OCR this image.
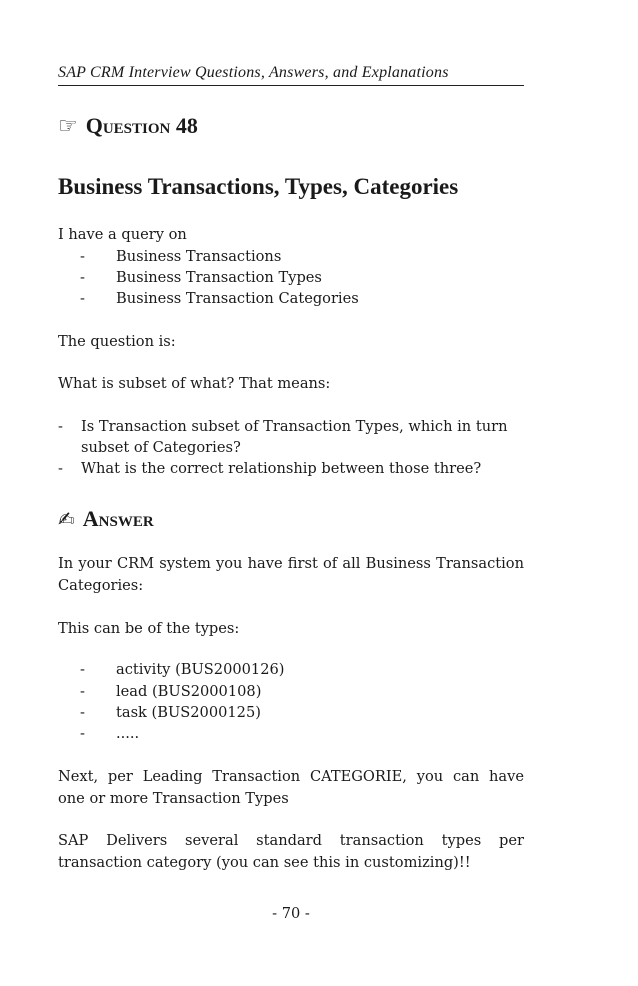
SAP CRM Interview Questions, Answers, and Explanations
☞ Question 48
Business Transactions, Types, Categories
I have a query on
- Business Transactions
- Business Transaction Types
- Business Transaction Categories
The question is:
What is subset of what? That means:
- Is Transaction subset of Transaction Types, which in turn
subset of Categories?
- What is the correct relationship between those three?
✍ Answer
In your CRM system you have first of all Business Transaction
Categories:
This can be of the types:
- activity (BUS2000126)
- lead (BUS2000108)
- task (BUS2000125)
- .....
Next, per Leading Transaction CATEGORIE, you can have
one or more Transaction Types
SAP Delivers several standard transaction types per
transaction category (you can see this in customizing)!!
- 70 -
